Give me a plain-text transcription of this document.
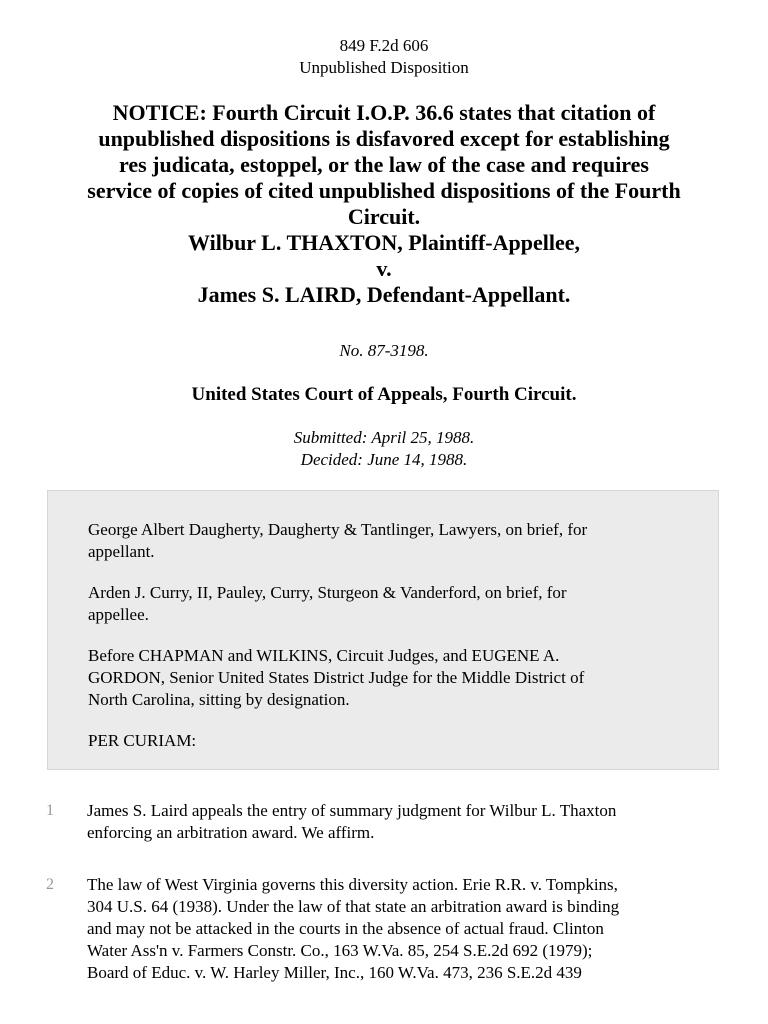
849 F.2d 606
Unpublished Disposition
NOTICE: Fourth Circuit I.O.P. 36.6 states that citation of
unpublished dispositions is disfavored except for establishing
res judicata, estoppel, or the law of the case and requires
service of copies of cited unpublished dispositions of the Fourth
Circuit.
Wilbur L. THAXTON, Plaintiff-Appellee,
v.
James S. LAIRD, Defendant-Appellant.
No. 87-3198.
United States Court of Appeals, Fourth Circuit.
Submitted: April 25, 1988.
Decided: June 14, 1988.

George Albert Daugherty, Daugherty & Tantlinger, Lawyers, on brief, for
appellant.

Arden J. Curry, II, Pauley, Curry, Sturgeon & Vanderford, on brief, for
appellee.

Before CHAPMAN and WILKINS, Circuit Judges, and EUGENE A.
GORDON, Senior United States District Judge for the Middle District of
North Carolina, sitting by designation.

PER CURIAM:

1 James S. Laird appeals the entry of summary judgment for Wilbur L. Thaxton
enforcing an arbitration award. We affirm.
2 The law of West Virginia governs this diversity action. Erie R.R. v. Tompkins,
304 U.S. 64 (1938). Under the law of that state an arbitration award is binding
and may not be attacked in the courts in the absence of actual fraud. Clinton
Water Ass'n v. Farmers Constr. Co., 163 W.Va. 85, 254 S.E.2d 692 (1979);
Board of Educ. v. W. Harley Miller, Inc., 160 W.Va. 473, 236 S.E.2d 439
